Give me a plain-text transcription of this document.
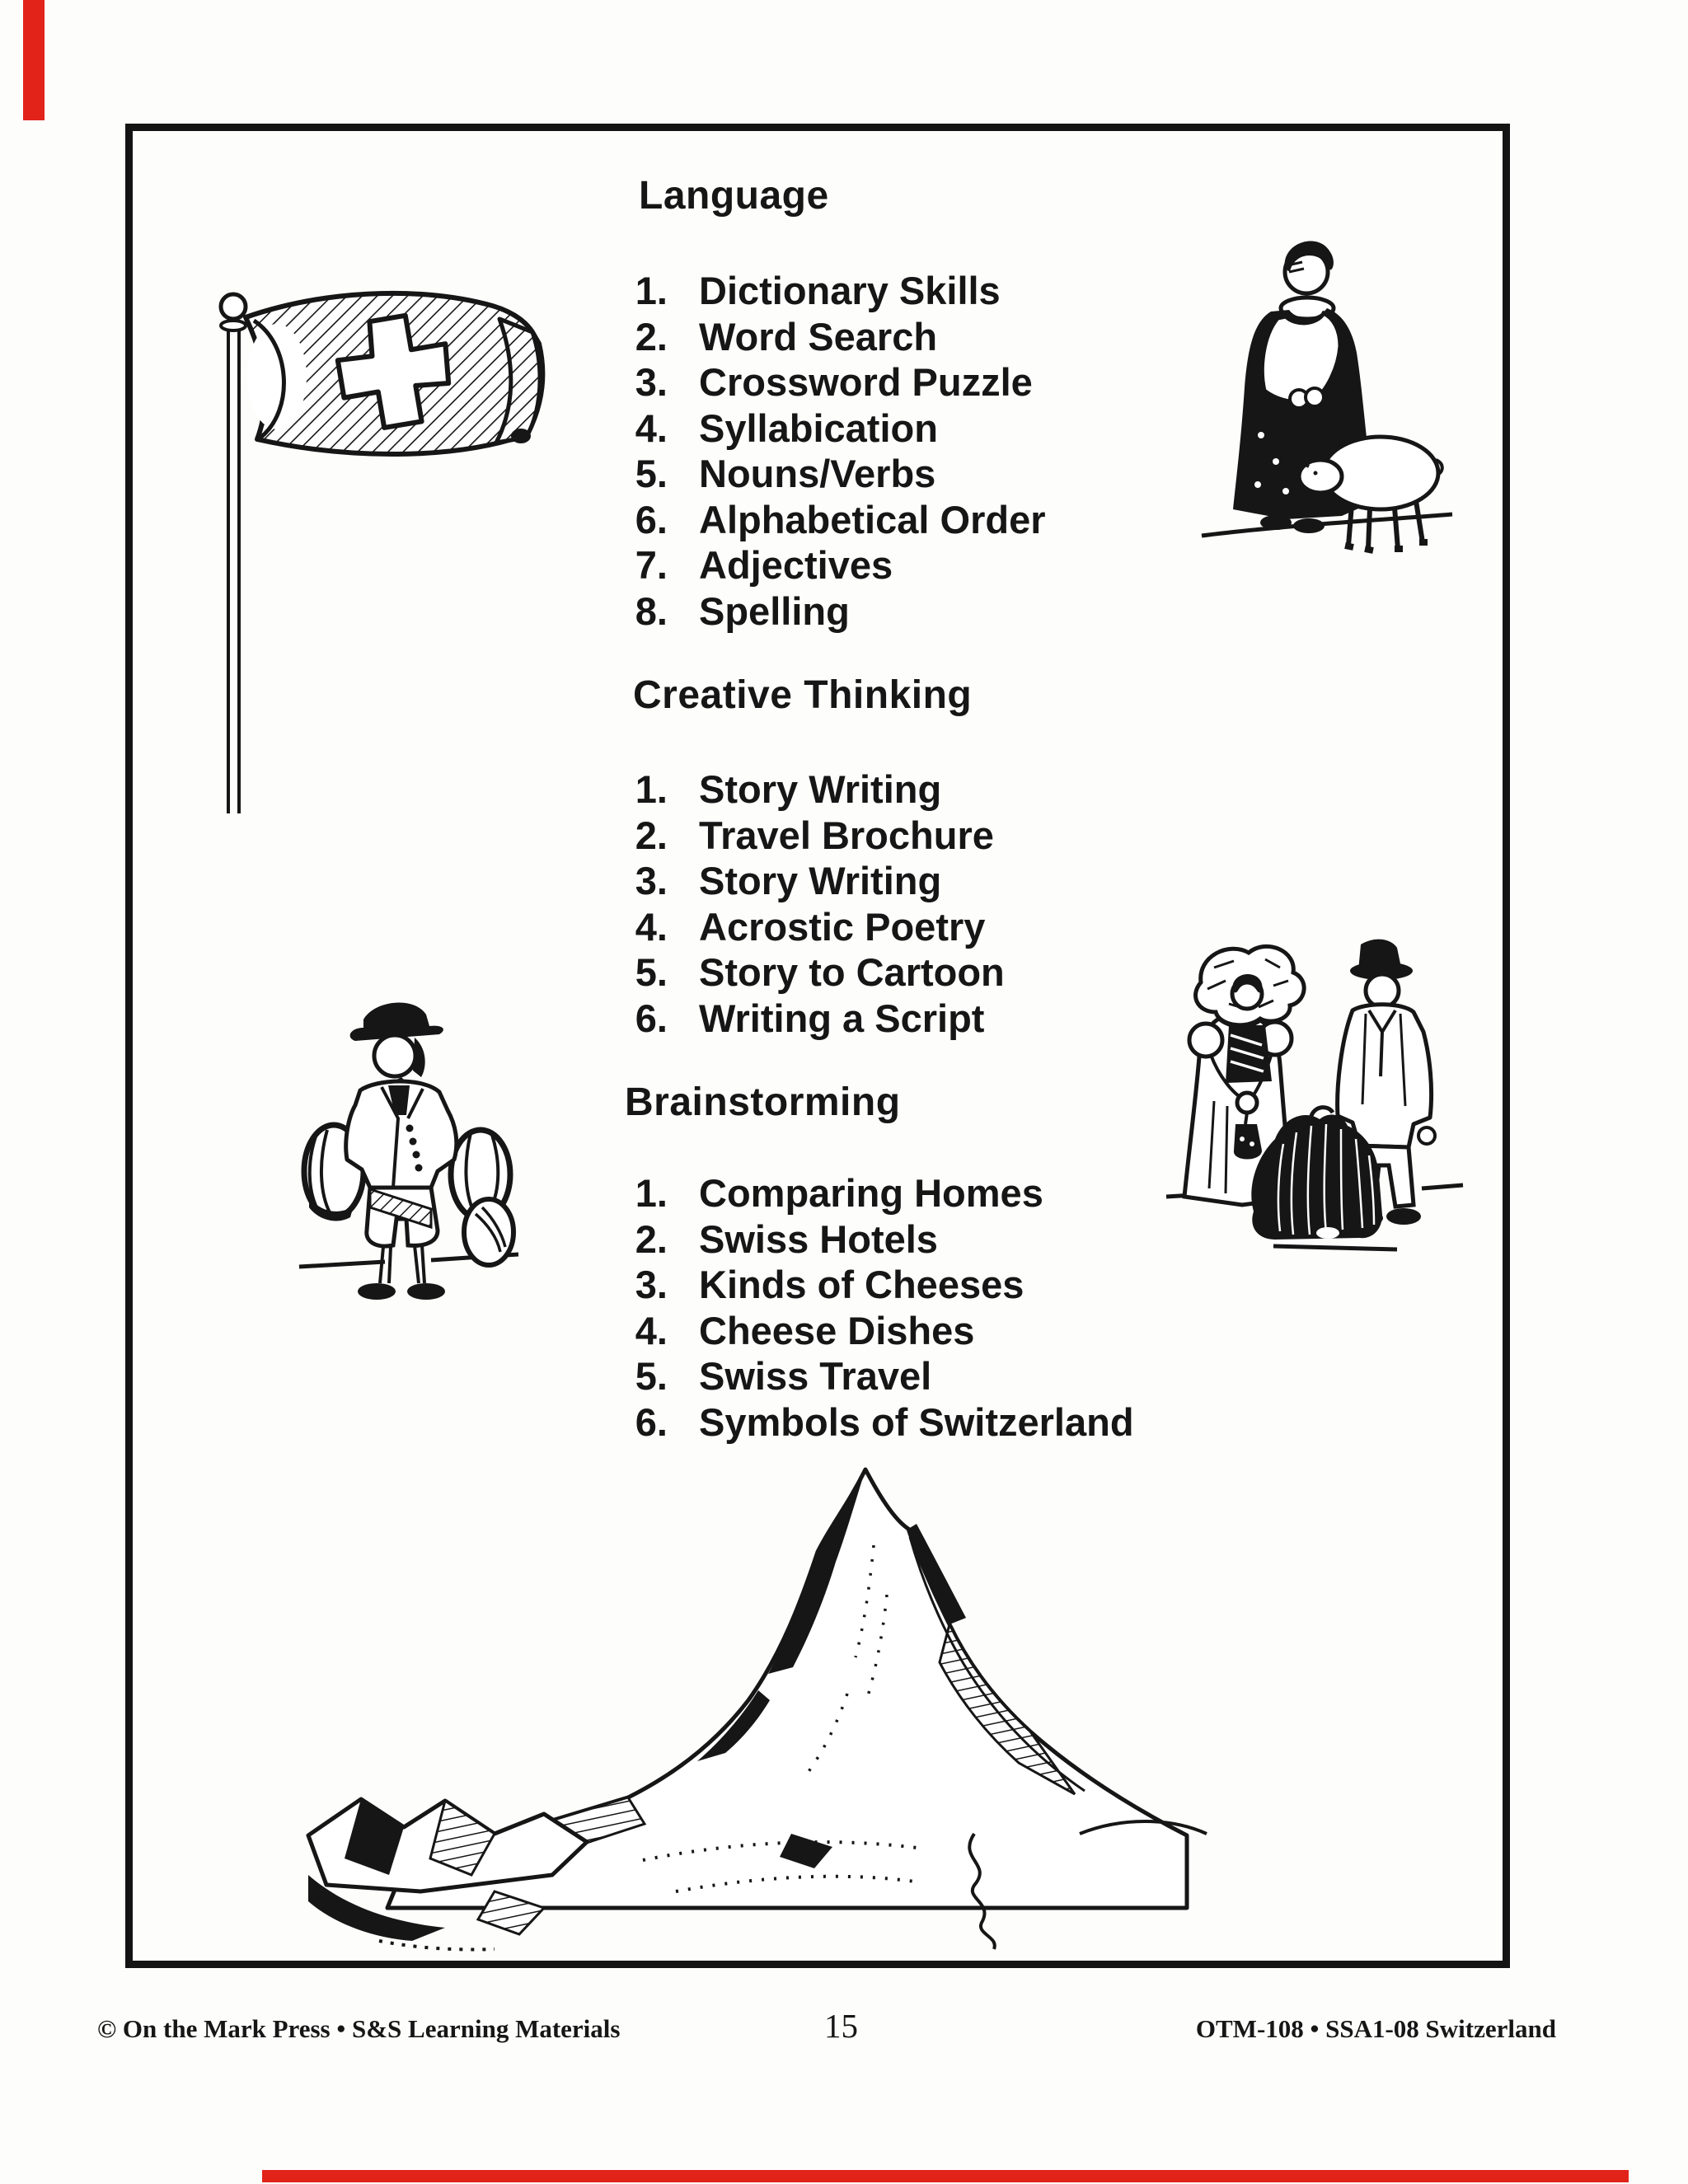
Language
1. Dictionary Skills
2. Word Search
3. Crossword Puzzle
4. Syllabication
5. Nouns/Verbs
6. Alphabetical Order
7. Adjectives
8. Spelling
Creative Thinking
1. Story Writing
2. Travel Brochure
3. Story Writing
4. Acrostic Poetry
5. Story to Cartoon
6. Writing a Script
Brainstorming
1. Comparing Homes
2. Swiss Hotels
3. Kinds of Cheeses
4. Cheese Dishes
5. Swiss Travel
6. Symbols of Switzerland
© On the Mark Press • S&S Learning Materials	15	OTM-108 • SSA1-08 Switzerland
